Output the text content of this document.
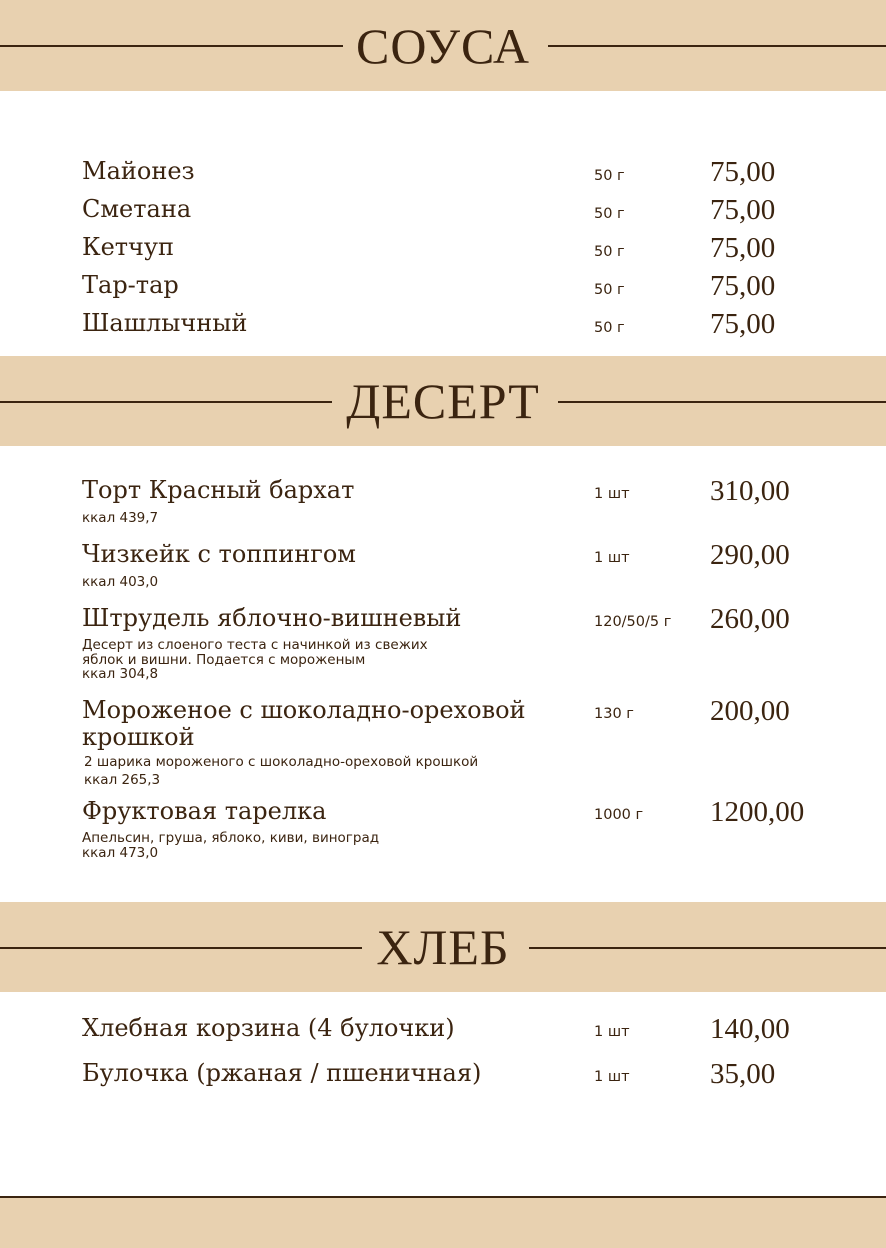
СОУСА
Майонез	50 г	75,00
Сметана	50 г	75,00
Кетчуп	50 г	75,00
Тар-тар	50 г	75,00
Шашлычный	50 г	75,00
ДЕСЕРТ
Торт Красный бархат
ккал 439,7
1 шт	310,00
Чизкейк с топпингом
ккал 403,0
1 шт	290,00
Штрудель яблочно-вишневый
Десерт из слоеного теста с начинкой из свежих яблок и вишни. Подается с мороженым
ккал 304,8
120/50/5 г 260,00
Мороженое с шоколадно-ореховой крошкой
2 шарика мороженого с шоколадно-ореховой крошкой
ккал 265,3
130 г	200,00
Фруктовая тарелка
Апельсин, груша, яблоко, киви, виноград
ккал 473,0
1000 г 1200,00
ХЛЕБ
Хлебная корзина (4 булочки)	1 шт	140,00
Булочка (ржаная / пшеничная)	1 шт	35,00
